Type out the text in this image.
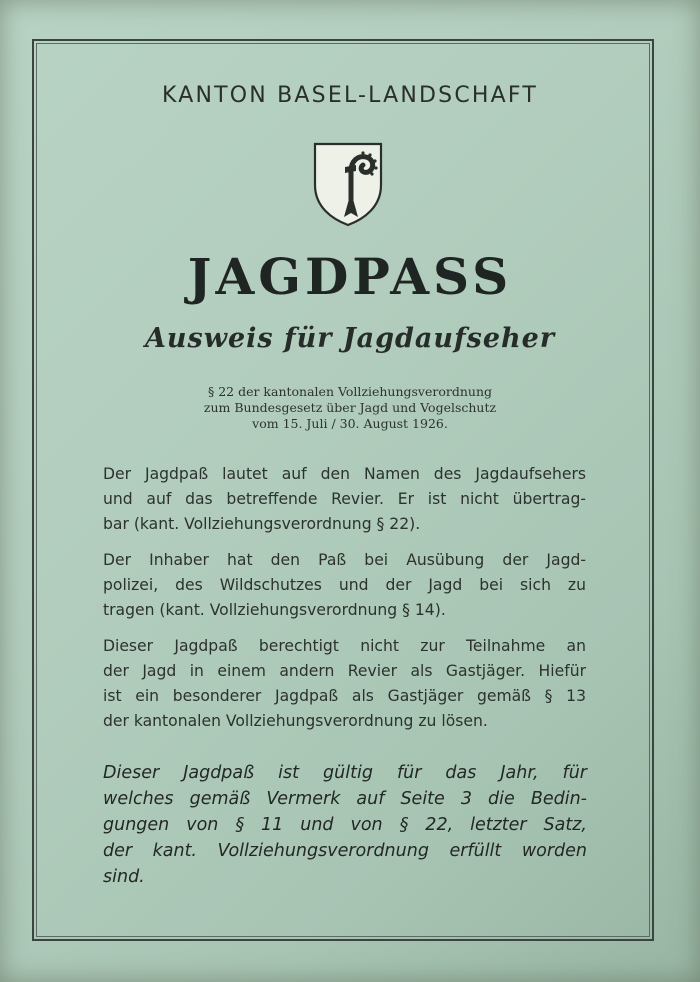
KANTON BASEL-LANDSCHAFT
JAGDPASS
Ausweis für Jagdaufseher
§ 22 der kantonalen Vollziehungsverordnung
zum Bundesgesetz über Jagd und Vogelschutz
vom 15. Juli / 30. August 1926.
Der Jagdpaß lautet auf den Namen des Jagdaufsehers
und auf das betreffende Revier. Er ist nicht übertrag-
bar (kant. Vollziehungsverordnung § 22).
Der Inhaber hat den Paß bei Ausübung der Jagd-
polizei, des Wildschutzes und der Jagd bei sich zu
tragen (kant. Vollziehungsverordnung § 14).
Dieser Jagdpaß berechtigt nicht zur Teilnahme an
der Jagd in einem andern Revier als Gastjäger. Hiefür
ist ein besonderer Jagdpaß als Gastjäger gemäß § 13
der kantonalen Vollziehungsverordnung zu lösen.
Dieser Jagdpaß ist gültig für das Jahr, für
welches gemäß Vermerk auf Seite 3 die Bedin-
gungen von § 11 und von § 22, letzter Satz,
der kant. Vollziehungsverordnung erfüllt worden
sind.
